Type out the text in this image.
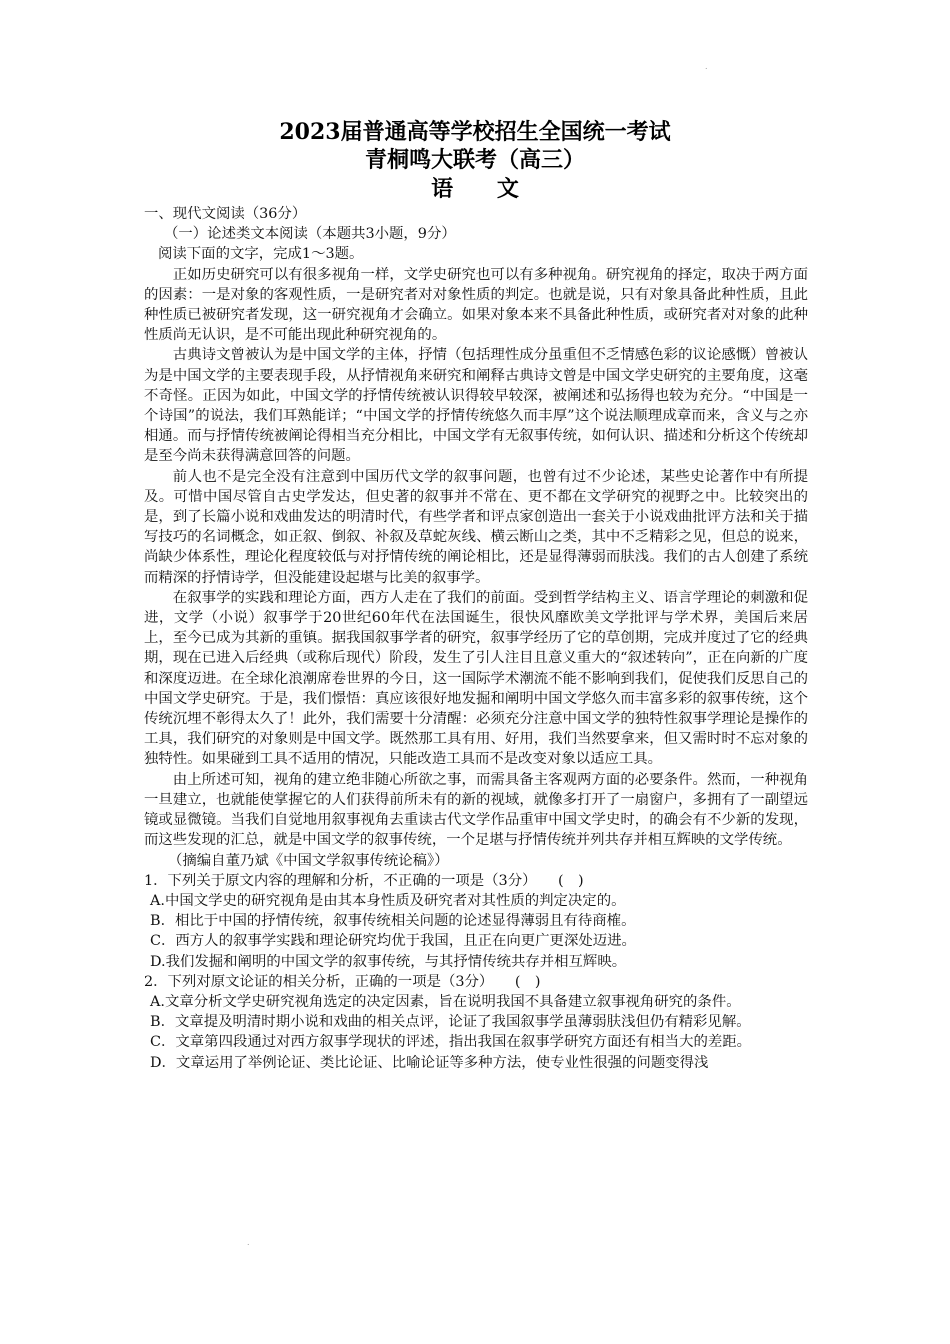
˙
2023届普通高等学校招生全国统一考试
青桐鸣大联考（高三）
语 文

一、现代文阅读（36分）

（一）论述类文本阅读（本题共3小题，9分）

阅读下面的文字，完成1～3题。

正如历史研究可以有很多视角一样，文学史研究也可以有多种视角。研究视角的择定，取决于两方面的因素：一是对象的客观性质，一是研究者对对象性质的判定。也就是说，只有对象具备此种性质，且此种性质已被研究者发现，这一研究视角才会确立。如果对象本来不具备此种性质，或研究者对对象的此种性质尚无认识，是不可能出现此种研究视角的。

古典诗文曾被认为是中国文学的主体，抒情（包括理性成分虽重但不乏情感色彩的议论感慨）曾被认为是中国文学的主要表现手段，从抒情视角来研究和阐释古典诗文曾是中国文学史研究的主要角度，这毫不奇怪。正因为如此，中国文学的抒情传统被认识得较早较深，被阐述和弘扬得也较为充分。“中国是一个诗国”的说法，我们耳熟能详；“中国文学的抒情传统悠久而丰厚”这个说法顺理成章而来，含义与之亦相通。而与抒情传统被阐论得相当充分相比，中国文学有无叙事传统，如何认识、描述和分析这个传统却是至今尚未获得满意回答的问题。

前人也不是完全没有注意到中国历代文学的叙事问题，也曾有过不少论述，某些史论著作中有所提及。可惜中国尽管自古史学发达，但史著的叙事并不常在、更不都在文学研究的视野之中。比较突出的是，到了长篇小说和戏曲发达的明清时代，有些学者和评点家创造出一套关于小说戏曲批评方法和关于描写技巧的名词概念，如正叙、倒叙、补叙及草蛇灰线、横云断山之类，其中不乏精彩之见，但总的说来，尚缺少体系性，理论化程度较低与对抒情传统的阐论相比，还是显得薄弱而肤浅。我们的古人创建了系统而精深的抒情诗学，但没能建设起堪与比美的叙事学。

在叙事学的实践和理论方面，西方人走在了我们的前面。受到哲学结构主义、语言学理论的刺激和促进，文学（小说）叙事学于20世纪60年代在法国诞生，很快风靡欧美文学批评与学术界，美国后来居上，至今已成为其新的重镇。据我国叙事学者的研究，叙事学经历了它的草创期，完成并度过了它的经典期，现在已进入后经典（或称后现代）阶段，发生了引人注目且意义重大的“叙述转向”，正在向新的广度和深度迈进。在全球化浪潮席卷世界的今日，这一国际学术潮流不能不影响到我们，促使我们反思自己的中国文学史研究。于是，我们憬悟：真应该很好地发掘和阐明中国文学悠久而丰富多彩的叙事传统，这个传统沉埋不彰得太久了！此外，我们需要十分清醒：必须充分注意中国文学的独特性叙事学理论是操作的工具，我们研究的对象则是中国文学。既然那工具有用、好用，我们当然要拿来，但又需时时不忘对象的独特性。如果碰到工具不适用的情况，只能改造工具而不是改变对象以适应工具。

由上所述可知，视角的建立绝非随心所欲之事，而需具备主客观两方面的必要条件。然而，一种视角一旦建立，也就能使掌握它的人们获得前所未有的新的视域，就像多打开了一扇窗户，多拥有了一副望远镜或显微镜。当我们自觉地用叙事视角去重读古代文学作品重审中国文学史时，的确会有不少新的发现，而这些发现的汇总，就是中国文学的叙事传统，一个足堪与抒情传统并列共存并相互辉映的文学传统。

（摘编自董乃斌《中国文学叙事传统论稿》）

1．下列关于原文内容的理解和分析，不正确的一项是（3分）　　(　)

A.中国文学史的研究视角是由其本身性质及研究者对其性质的判定决定的。

B．相比于中国的抒情传统，叙事传统相关问题的论述显得薄弱且有待商榷。

C．西方人的叙事学实践和理论研究均优于我国，且正在向更广更深处迈进。

D.我们发掘和阐明的中国文学的叙事传统，与其抒情传统共存并相互辉映。

2．下列对原文论证的相关分析，正确的一项是（3分）　　(　)

A.文章分析文学史研究视角选定的决定因素，旨在说明我国不具备建立叙事视角研究的条件。

B．文章提及明清时期小说和戏曲的相关点评，论证了我国叙事学虽薄弱肤浅但仍有精彩见解。

C．文章第四段通过对西方叙事学现状的评述，指出我国在叙事学研究方面还有相当大的差距。

D．文章运用了举例论证、类比论证、比喻论证等多种方法，使专业性很强的问题变得浅

˙
